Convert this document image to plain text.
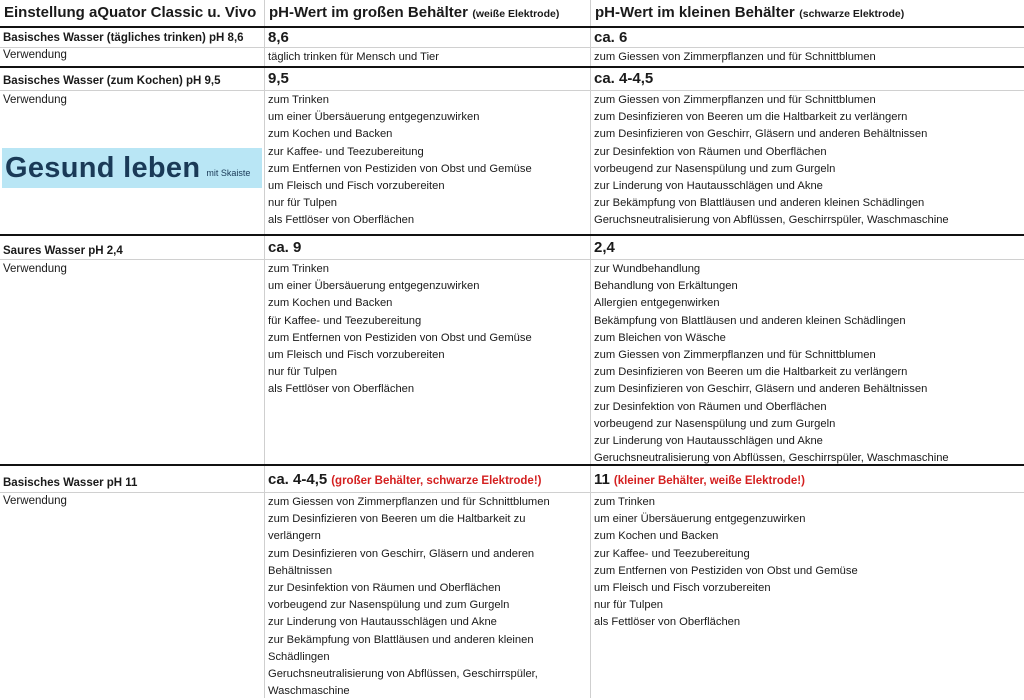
Einstellung aQuator Classic u. Vivo pH-Wert im großen Behälter (weiße Elektrode)	pH-Wert im kleinen Behälter (schwarze Elektrode)
Basisches Wasser (tägliches trinken) pH 8,6
Verwendung
8,6
täglich trinken für Mensch und Tier
ca. 6
zum Giessen von Zimmerpflanzen und für Schnittblumen
Basisches Wasser (zum Kochen) pH 9,5
Verwendung
Gesund leben mit Skaiste
9,5
zum Trinken
um einer Übersäuerung entgegenzuwirken
zum Kochen und Backen
zur Kaffee- und Teezubereitung
zum Entfernen von Pestiziden von Obst und Gemüse
um Fleisch und Fisch vorzubereiten
nur für Tulpen
als Fettlöser von Oberflächen
ca. 4-4,5
zum Giessen von Zimmerpflanzen und für Schnittblumen
zum Desinfizieren von Beeren um die Haltbarkeit zu verlängern
zum Desinfizieren von Geschirr, Gläsern und anderen Behältnissen
zur Desinfektion von Räumen und Oberflächen
vorbeugend zur Nasenspülung und zum Gurgeln
zur Linderung von Hautausschlägen und Akne
zur Bekämpfung von Blattläusen und anderen kleinen Schädlingen
Geruchsneutralisierung von Abflüssen, Geschirrspüler, Waschmaschine
Saures Wasser pH 2,4
Verwendung
ca. 9
zum Trinken
um einer Übersäuerung entgegenzuwirken
zum Kochen und Backen
für Kaffee- und Teezubereitung
zum Entfernen von Pestiziden von Obst und Gemüse
um Fleisch und Fisch vorzubereiten
nur für Tulpen
als Fettlöser von Oberflächen
2,4
zur Wundbehandlung
Behandlung von Erkältungen
Allergien entgegenwirken
Bekämpfung von Blattläusen und anderen kleinen Schädlingen
zum Bleichen von Wäsche
zum Giessen von Zimmerpflanzen und für Schnittblumen
zum Desinfizieren von Beeren um die Haltbarkeit zu verlängern
zum Desinfizieren von Geschirr, Gläsern und anderen Behältnissen
zur Desinfektion von Räumen und Oberflächen
vorbeugend zur Nasenspülung und zum Gurgeln
zur Linderung von Hautausschlägen und Akne
Geruchsneutralisierung von Abflüssen, Geschirrspüler, Waschmaschine
Basisches Wasser pH 11
Verwendung
ca. 4-4,5 (großer Behälter, schwarze Elektrode!)
zum Giessen von Zimmerpflanzen und für Schnittblumen
zum Desinfizieren von Beeren um die Haltbarkeit zu verlängern
zum Desinfizieren von Geschirr, Gläsern und anderen Behältnissen
zur Desinfektion von Räumen und Oberflächen
vorbeugend zur Nasenspülung und zum Gurgeln
zur Linderung von Hautausschlägen und Akne
zur Bekämpfung von Blattläusen und anderen kleinen Schädlingen
Geruchsneutralisierung von Abflüssen, Geschirrspüler, Waschmaschine
11 (kleiner Behälter, weiße Elektrode!)
zum Trinken
um einer Übersäuerung entgegenzuwirken
zum Kochen und Backen
zur Kaffee- und Teezubereitung
zum Entfernen von Pestiziden von Obst und Gemüse
um Fleisch und Fisch vorzubereiten
nur für Tulpen
als Fettlöser von Oberflächen
